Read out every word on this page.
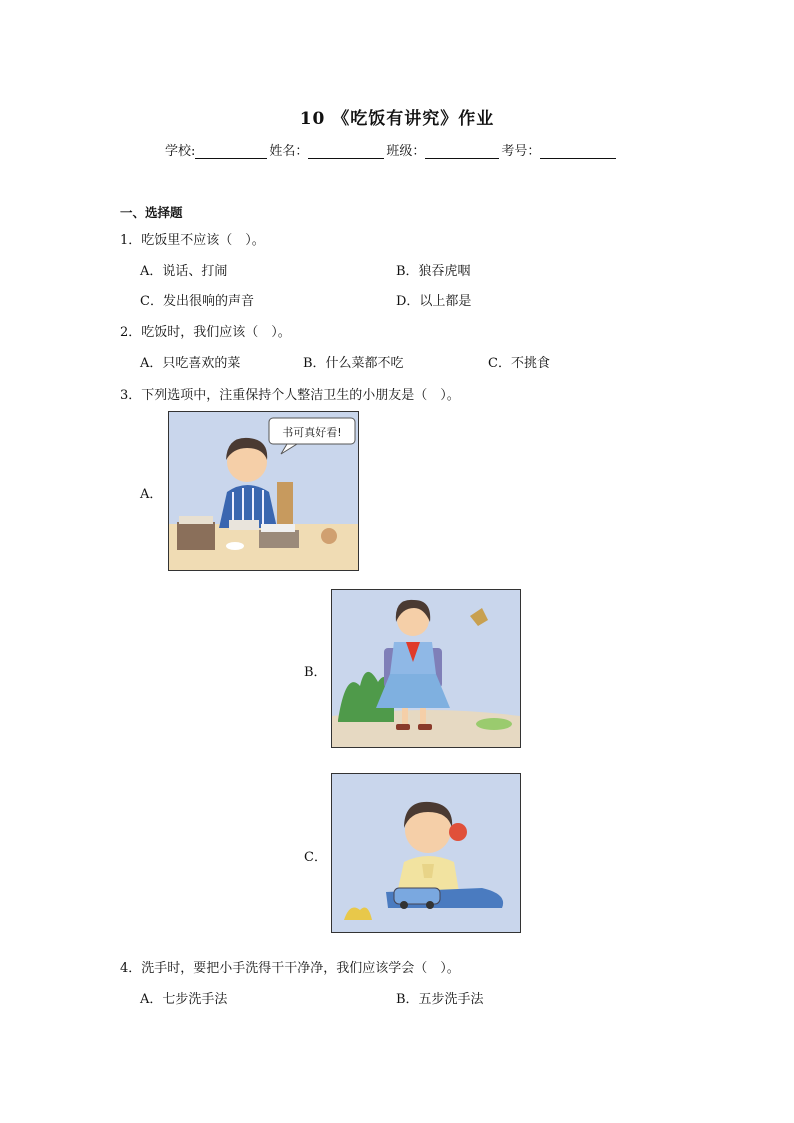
10 《吃饭有讲究》作业
学校:	姓名：	班级：	考号：
一、选择题
1．吃饭里不应该（　）。
A．说话、打闹	B．狼吞虎咽
C．发出很响的声音	D．以上都是
2．吃饭时，我们应该（　）。
A．只吃喜欢的菜	B．什么菜都不吃	C．不挑食
3．下列选项中，注重保持个人整洁卫生的小朋友是（　）。
A．
书可真好看!
B．
C．
4．洗手时，要把小手洗得干干净净，我们应该学会（　）。
A．七步洗手法	B．五步洗手法
